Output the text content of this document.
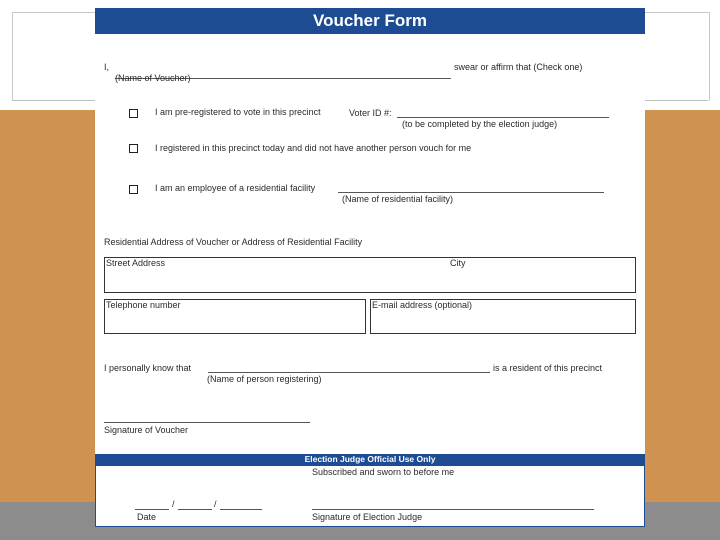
Voucher Form
I,	swear or affirm that (Check one)
(Name of Voucher)
I am pre-registered to vote in this precinct	Voter ID #:
(to be completed by the election judge)
I registered in this precinct today and did not have another person vouch for me
I am an employee of a residential facility
(Name of residential facility)
Residential Address of Voucher or Address of Residential Facility
Street Address	City
Telephone number	E-mail address (optional)
I personally know that	is a resident of this precinct
(Name of person registering)
Signature of Voucher
Election Judge Official Use Only
Subscribed and sworn to before me
/	/
Date	Signature of Election Judge
